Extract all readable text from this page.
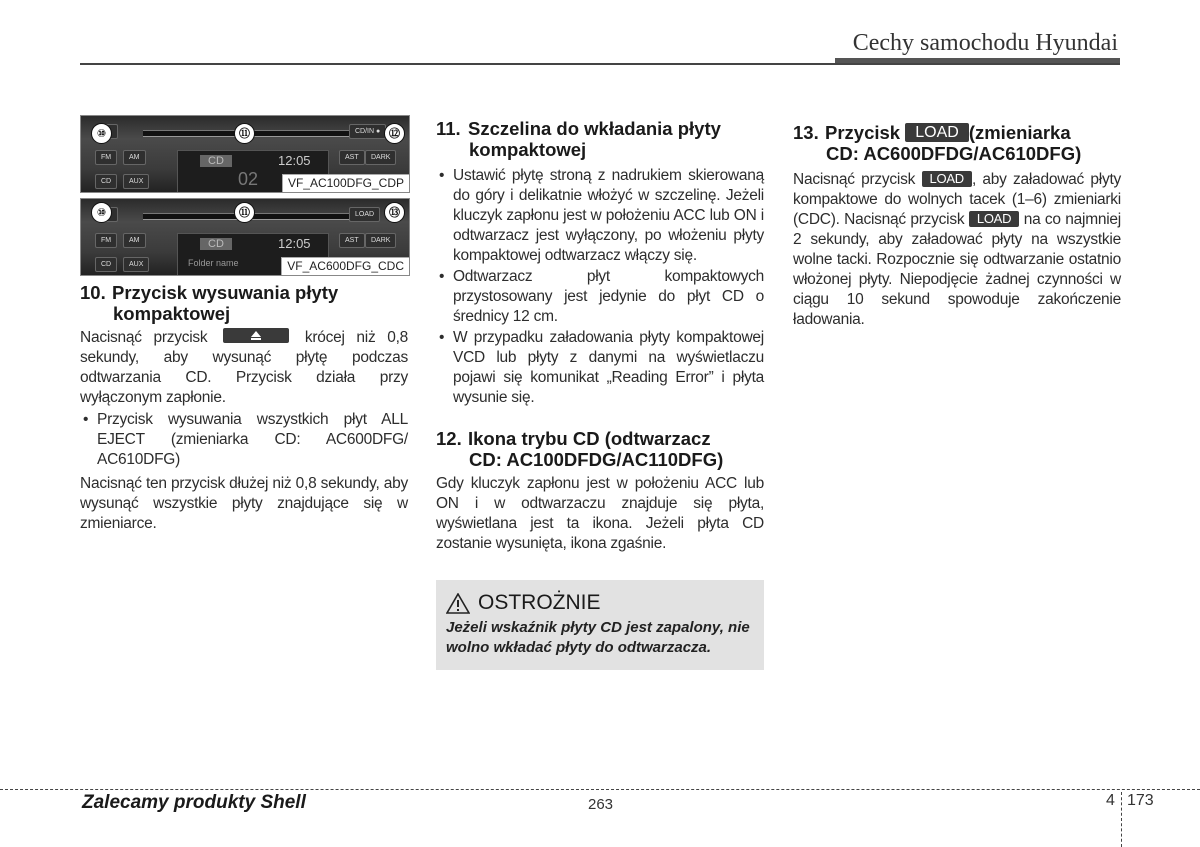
Cechy samochodu Hyundai
CD/IN ●
FM	AM
CD	AUX
AST	DARK
CD	12:05
02
⑩	⑪	⑫
VF_AC100DFG_CDP
LOAD
FM	AM
CD	AUX
AST	DARK
CD	12:05
Folder name
⑩	⑪	⑬
VF_AC600DFG_CDC
10. Przycisk wysuwania płyty
kompaktowej

Nacisnąć przycisk	krócej niż 0,8 sekundy, aby wysunąć płytę podczas odtwarzania CD. Przycisk działa przy wyłączonym zapłonie.

• Przycisk wysuwania wszystkich płyt ALL EJECT (zmieniarka CD: AC600DFG/ AC610DFG)

Nacisnąć ten przycisk dłużej niż 0,8 sekundy, aby wysunąć wszystkie płyty znajdujące się w zmieniarce.

11. Szczelina do wkładania płyty
kompaktowej
• Ustawić płytę stroną z nadrukiem skierowaną do góry i delikatnie włożyć w szczelinę. Jeżeli kluczyk zapłonu jest w położeniu ACC lub ON i odtwarzacz jest wyłączony, po włożeniu płyty kompaktowej odtwarzacz włączy się.
• Odtwarzacz płyt kompaktowych przystosowany jest jedynie do płyt CD o średnicy 12 cm.
• W przypadku załadowania płyty kompaktowej VCD lub płyty z danymi na wyświetlaczu pojawi się komunikat „Reading Error” i płyta wysunie się.
12. Ikona trybu CD (odtwarzacz
CD: AC100DFDG/AC110DFG)

Gdy kluczyk zapłonu jest w położeniu ACC lub ON i w odtwarzaczu znajduje się płyta, wyświetlana jest ta ikona. Jeżeli płyta CD zostanie wysunięta, ikona zgaśnie.

OSTROŻNIE
Jeżeli wskaźnik płyty CD jest zapalony, nie wolno wkładać płyty do odtwarzacza.
13. Przycisk LOAD (zmieniarka
CD: AC600DFDG/AC610DFG)

Nacisnąć przycisk LOAD , aby załadować płyty kompaktowe do wolnych tacek (1–6) zmieniarki (CDC). Nacisnąć przycisk LOAD na co najmniej 2 sekundy, aby załadować płyty na wszystkie wolne tacki. Rozpocznie się odtwarzanie ostatnio włożonej płyty. Niepodjęcie żadnej czynności w ciągu 10 sekund spowoduje zakończenie ładowania.

Zalecamy produkty Shell	263	4 173
